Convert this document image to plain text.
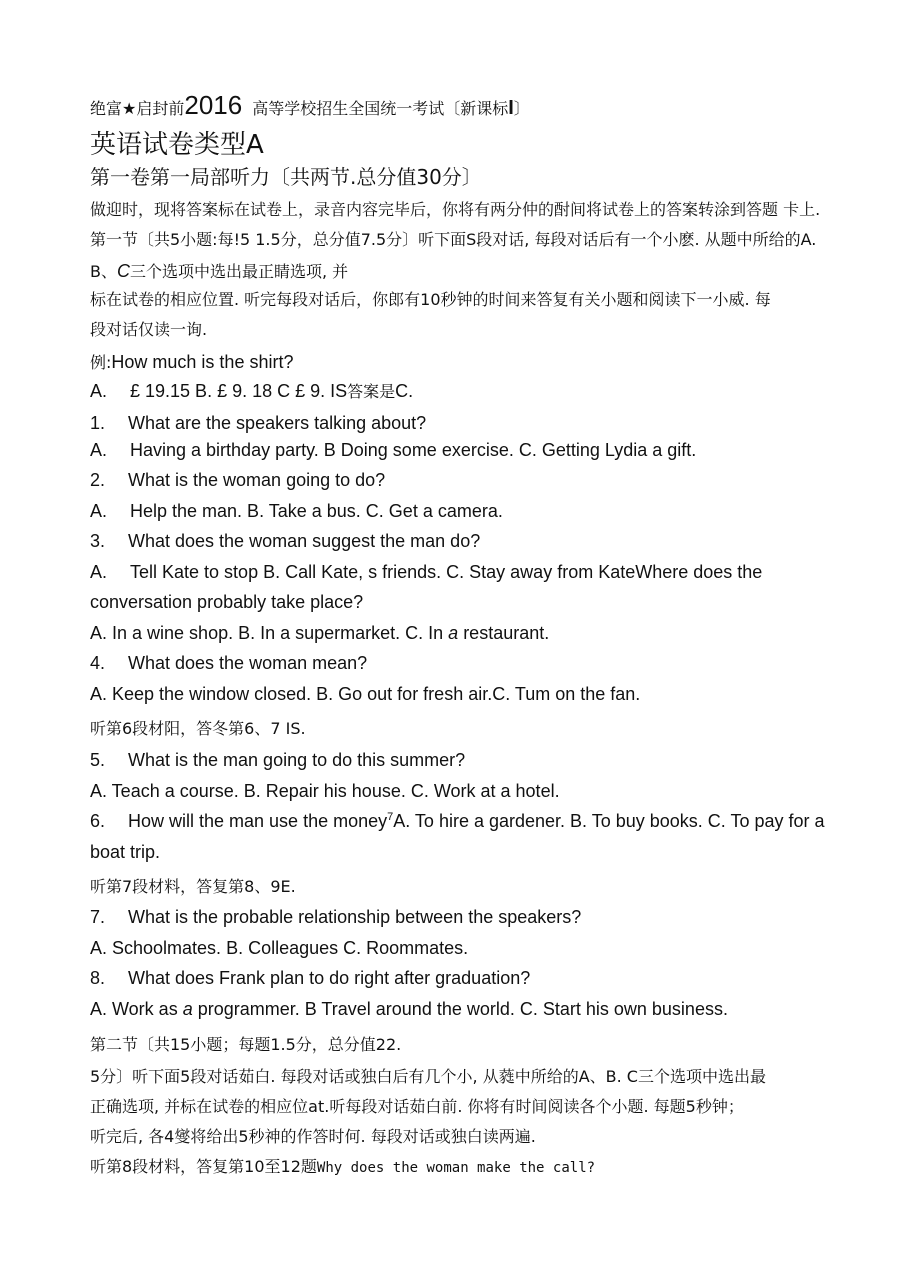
绝富★启封前2016 高等学校招生全国统一考试〔新课标I〕
英语试卷类型A
第一卷第一局部听力〔共两节.总分值30分〕
做迎时，现将答案标在试卷上，录音内容完毕后，你将有两分仲的酎间将试卷上的答案转涂到答题 卡上.
第一节〔共5小题:每!5 1.5分，总分值7.5分〕听下面S段对话, 每段对话后有一个小麽. 从题中所给的A.
B、C三个选项中选出最正睛选项, 并
标在试卷的相应位置. 听完每段对话后，你郎有10秒钟的时间来答复有关小题和阅读下一小威. 每
段对话仅读一询.
例:How much is the shirt?
A. £ 19.15 B. £ 9. 18 C £ 9. IS答案是C.
1. What are the speakers talking about?
A. Having a birthday party. B Doing some exercise. C. Getting Lydia a gift.
2. What is the woman going to do?
A. Help the man. B. Take a bus. C. Get a camera.
3. What does the woman suggest the man do?
A. Tell Kate to stop B. Call Kate, s friends. C. Stay away from KateWhere does the
conversation probably take place?
A. In a wine shop. B. In a supermarket. C. In a restaurant.
4. What does the woman mean?
A. Keep the window closed. B. Go out for fresh air.C. Tum on the fan.
听第6段材阳，答冬第6、7 IS.
5. What is the man going to do this summer?
A. Teach a course. B. Repair his house. C. Work at a hotel.
6. How will the man use the money$^7$A. To hire a gardener. B. To buy books. C. To pay for a
boat trip.
听第7段材料，答复第8、9E.
7. What is the probable relationship between the speakers?
A. Schoolmates. B. Colleagues C. Roommates.
8. What does Frank plan to do right after graduation?
A. Work as a programmer. B Travel around the world. C. Start his own business.
第二节〔共15小题；每题1.5分，总分值22.
5分〕听下面5段对话茹白. 每段对话或独白后有几个小, 从蕤中所给的A、B. C三个选项中选出最
正确选项, 并标在试卷的相应位at.听每段对话茹白前. 你将有时间阅读各个小题. 每题5秒钟；
听完后, 各4燮将给出5秒神的作答时何. 每段对话或独白读两遍.
听第8段材料，答复第10至12题Why does the woman make the call?
